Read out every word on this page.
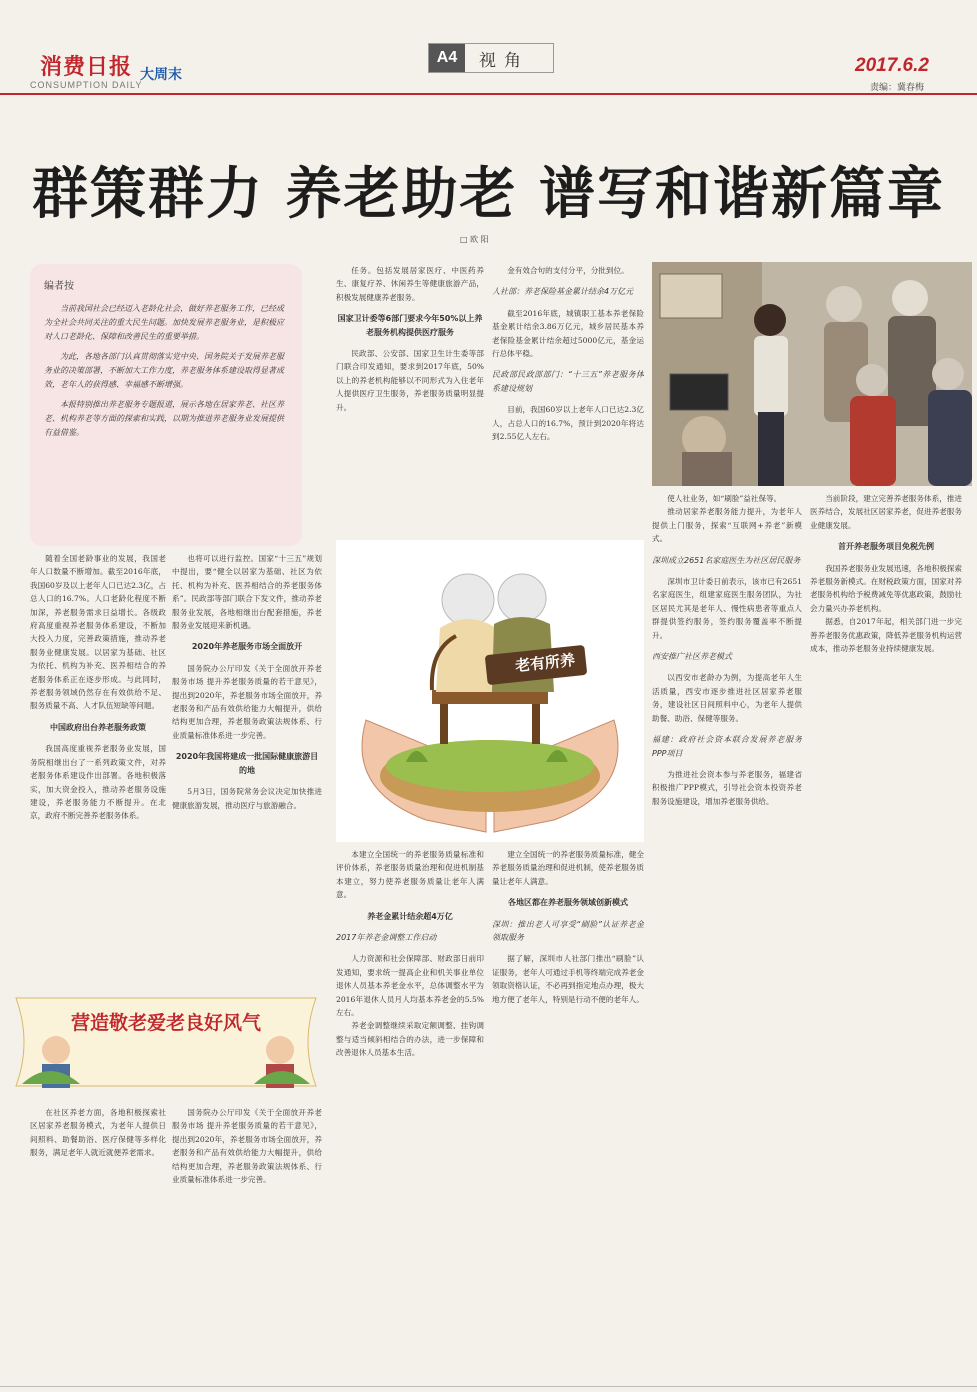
消费日报
CONSUMPTION DAILY
大周末
A4	视角	2017.6.2
责编：冀春梅
群策群力 养老助老 谱写和谐新篇章
□ 欧 阳
编者按

当前我国社会已经迈入老龄化社会，做好养老服务工作，已经成为全社会共同关注的重大民生问题。加快发展养老服务业，是积极应对人口老龄化、保障和改善民生的重要举措。

为此，各地各部门认真贯彻落实党中央、国务院关于发展养老服务业的决策部署，不断加大工作力度，养老服务体系建设取得显著成效，老年人的获得感、幸福感不断增强。

本报特别推出养老服务专题报道，展示各地在居家养老、社区养老、机构养老等方面的探索和实践，以期为推进养老服务业发展提供有益借鉴。

随着全国老龄事业的发展，我国老年人口数量不断增加。截至2016年底，我国60岁及以上老年人口已达2.3亿，占总人口的16.7%。人口老龄化程度不断加深，养老服务需求日益增长。各级政府高度重视养老服务体系建设，不断加大投入力度，完善政策措施，推动养老服务业健康发展。以居家为基础、社区为依托、机构为补充、医养相结合的养老服务体系正在逐步形成。与此同时，养老服务领域仍然存在有效供给不足、服务质量不高、人才队伍短缺等问题。

中国政府出台养老服务政策

我国高度重视养老服务业发展，国务院相继出台了一系列政策文件，对养老服务体系建设作出部署。各地积极落实，加大资金投入，推动养老服务设施建设，养老服务能力不断提升。在北京，政府不断完善养老服务体系。

在社区养老方面，各地积极探索社区居家养老服务模式，为老年人提供日间照料、助餐助浴、医疗保健等多样化服务，满足老年人就近就便养老需求。

也将可以进行监控。国家“十三五”规划中提出，要“健全以居家为基础、社区为依托、机构为补充、医养相结合的养老服务体系”。民政部等部门联合下发文件，推动养老服务业发展，各地相继出台配套措施，养老服务业发展迎来新机遇。

2020年养老服务市场全面放开

国务院办公厅印发《关于全面放开养老服务市场 提升养老服务质量的若干意见》，提出到2020年，养老服务市场全面放开，养老服务和产品有效供给能力大幅提升，供给结构更加合理，养老服务政策法规体系、行业质量标准体系进一步完善。

2020年我国将建成一批国际健康旅游目的地

5月3日，国务院常务会议决定加快推进健康旅游发展，推动医疗与旅游融合。

国务院办公厅印发《关于全面放开养老服务市场 提升养老服务质量的若干意见》，提出到2020年，养老服务市场全面放开，养老服务和产品有效供给能力大幅提升，供给结构更加合理，养老服务政策法规体系、行业质量标准体系进一步完善。

任务。包括发展居家医疗、中医药养生、康复疗养、休闲养生等健康旅游产品，积极发展健康养老服务。

国家卫计委等6部门要求今年50%以上养老服务机构提供医疗服务

民政部、公安部、国家卫生计生委等部门联合印发通知，要求到2017年底，50%以上的养老机构能够以不同形式为入住老年人提供医疗卫生服务，养老服务质量明显提升。

本建立全国统一的养老服务质量标准和评价体系，养老服务质量治理和促进机制基本建立，努力使养老服务质量让老年人满意。

养老金累计结余超4万亿

2017年养老金调整工作启动

人力资源和社会保障部、财政部日前印发通知，要求统一提高企业和机关事业单位退休人员基本养老金水平，总体调整水平为2016年退休人员月人均基本养老金的5.5%左右。

养老金调整继续采取定额调整、挂钩调整与适当倾斜相结合的办法，进一步保障和改善退休人员基本生活。

金有效合句的支付分平，分批到位。

人社部：养老保险基金累计结余4万亿元

截至2016年底，城镇职工基本养老保险基金累计结余3.86万亿元，城乡居民基本养老保险基金累计结余超过5000亿元，基金运行总体平稳。

民政部民政部部门：“十三五”养老服务体系建设规划

目前，我国60岁以上老年人口已达2.3亿人，占总人口的16.7%，预计到2020年将达到2.55亿人左右。

建立全国统一的养老服务质量标准，健全养老服务质量治理和促进机制，使养老服务质量让老年人满意。

各地区都在养老服务领域创新模式

深圳：推出老人可享受“刷脸”认证养老金领取服务

据了解，深圳市人社部门推出“刷脸”认证服务，老年人可通过手机等终端完成养老金领取资格认证，不必再到指定地点办理，极大地方便了老年人，特别是行动不便的老年人。

使人社业务，如“刷脸”益社保等。

推动居家养老服务能力提升，为老年人提供上门服务，探索“互联网+养老”新模式。

深圳成立2651名家庭医生为社区居民服务

深圳市卫计委日前表示，该市已有2651名家庭医生，组建家庭医生服务团队，为社区居民尤其是老年人、慢性病患者等重点人群提供签约服务，签约服务覆盖率不断提升。

西安推广社区养老模式

以西安市老龄办为例，为提高老年人生活质量，西安市逐步推进社区居家养老服务，建设社区日间照料中心，为老年人提供助餐、助浴、保健等服务。

福建：政府社会资本联合发展养老服务PPP项目

为推进社会资本参与养老服务，福建省积极推广PPP模式，引导社会资本投资养老服务设施建设，增加养老服务供给。

当前阶段，建立完善养老服务体系，推进医养结合，发展社区居家养老，促进养老服务业健康发展。

首开养老服务项目免税先例

我国养老服务业发展迅速，各地积极探索养老服务新模式。在财税政策方面，国家对养老服务机构给予税费减免等优惠政策，鼓励社会力量兴办养老机构。

据悉，自2017年起，相关部门进一步完善养老服务优惠政策，降低养老服务机构运营成本，推动养老服务业持续健康发展。

老有所养
营造敬老爱老良好风气
